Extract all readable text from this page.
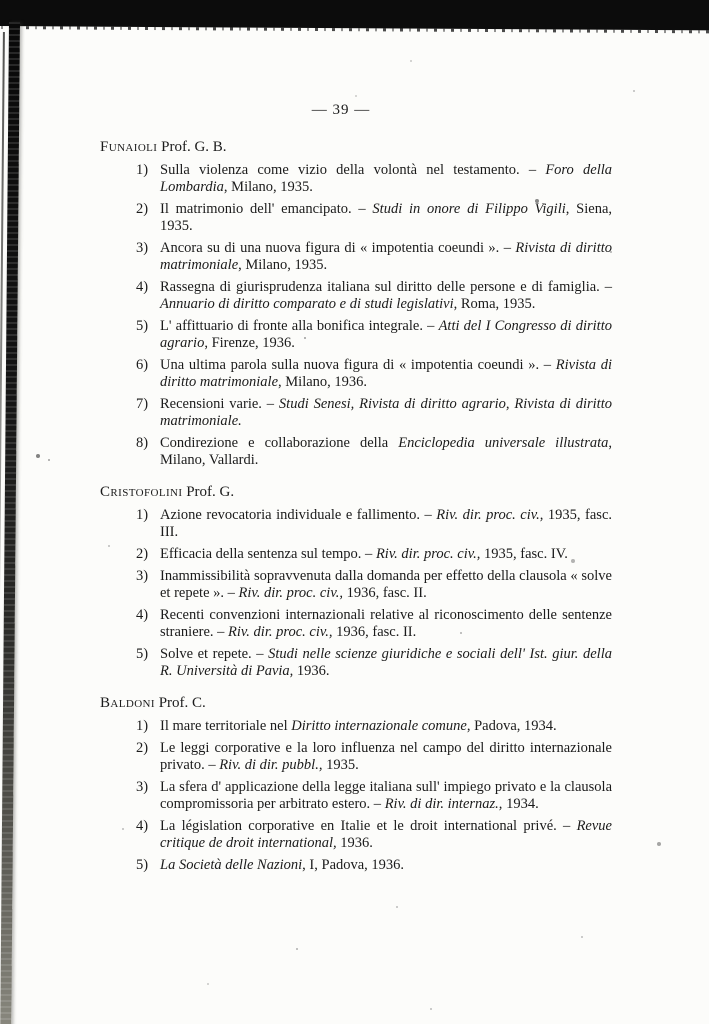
— 39 —
Funaioli Prof. G. B.
1) Sulla violenza come vizio della volontà nel testamento. – Foro della Lombardia, Milano, 1935.
2) Il matrimonio dell' emancipato. – Studi in onore di Filippo Vigili, Siena, 1935.
3) Ancora su di una nuova figura di « impotentia coeundi ». – Rivista di diritto matrimoniale, Milano, 1935.
4) Rassegna di giurisprudenza italiana sul diritto delle persone e di famiglia. – Annuario di diritto comparato e di studi legislativi, Roma, 1935.
5) L' affittuario di fronte alla bonifica integrale. – Atti del I Congresso di diritto agrario, Firenze, 1936.
6) Una ultima parola sulla nuova figura di « impotentia coeundi ». – Rivista di diritto matrimoniale, Milano, 1936.
7) Recensioni varie. – Studi Senesi, Rivista di diritto agrario, Rivista di diritto matrimoniale.
8) Condirezione e collaborazione della Enciclopedia universale illustrata, Milano, Vallardi.
Cristofolini Prof. G.
1) Azione revocatoria individuale e fallimento. – Riv. dir. proc. civ., 1935, fasc. III.
2) Efficacia della sentenza sul tempo. – Riv. dir. proc. civ., 1935, fasc. IV.
3) Inammissibilità sopravvenuta dalla domanda per effetto della clausola « solve et repete ». – Riv. dir. proc. civ., 1936, fasc. II.
4) Recenti convenzioni internazionali relative al riconoscimento delle sentenze straniere. – Riv. dir. proc. civ., 1936, fasc. II.
5) Solve et repete. – Studi nelle scienze giuridiche e sociali dell' Ist. giur. della R. Università di Pavia, 1936.
Baldoni Prof. C.
1) Il mare territoriale nel Diritto internazionale comune, Padova, 1934.
2) Le leggi corporative e la loro influenza nel campo del diritto internazionale privato. – Riv. di dir. pubbl., 1935.
3) La sfera d' applicazione della legge italiana sull' impiego privato e la clausola compromissoria per arbitrato estero. – Riv. di dir. internaz., 1934.
4) La législation corporative en Italie et le droit international privé. – Revue critique de droit international, 1936.
5) La Società delle Nazioni, I, Padova, 1936.
